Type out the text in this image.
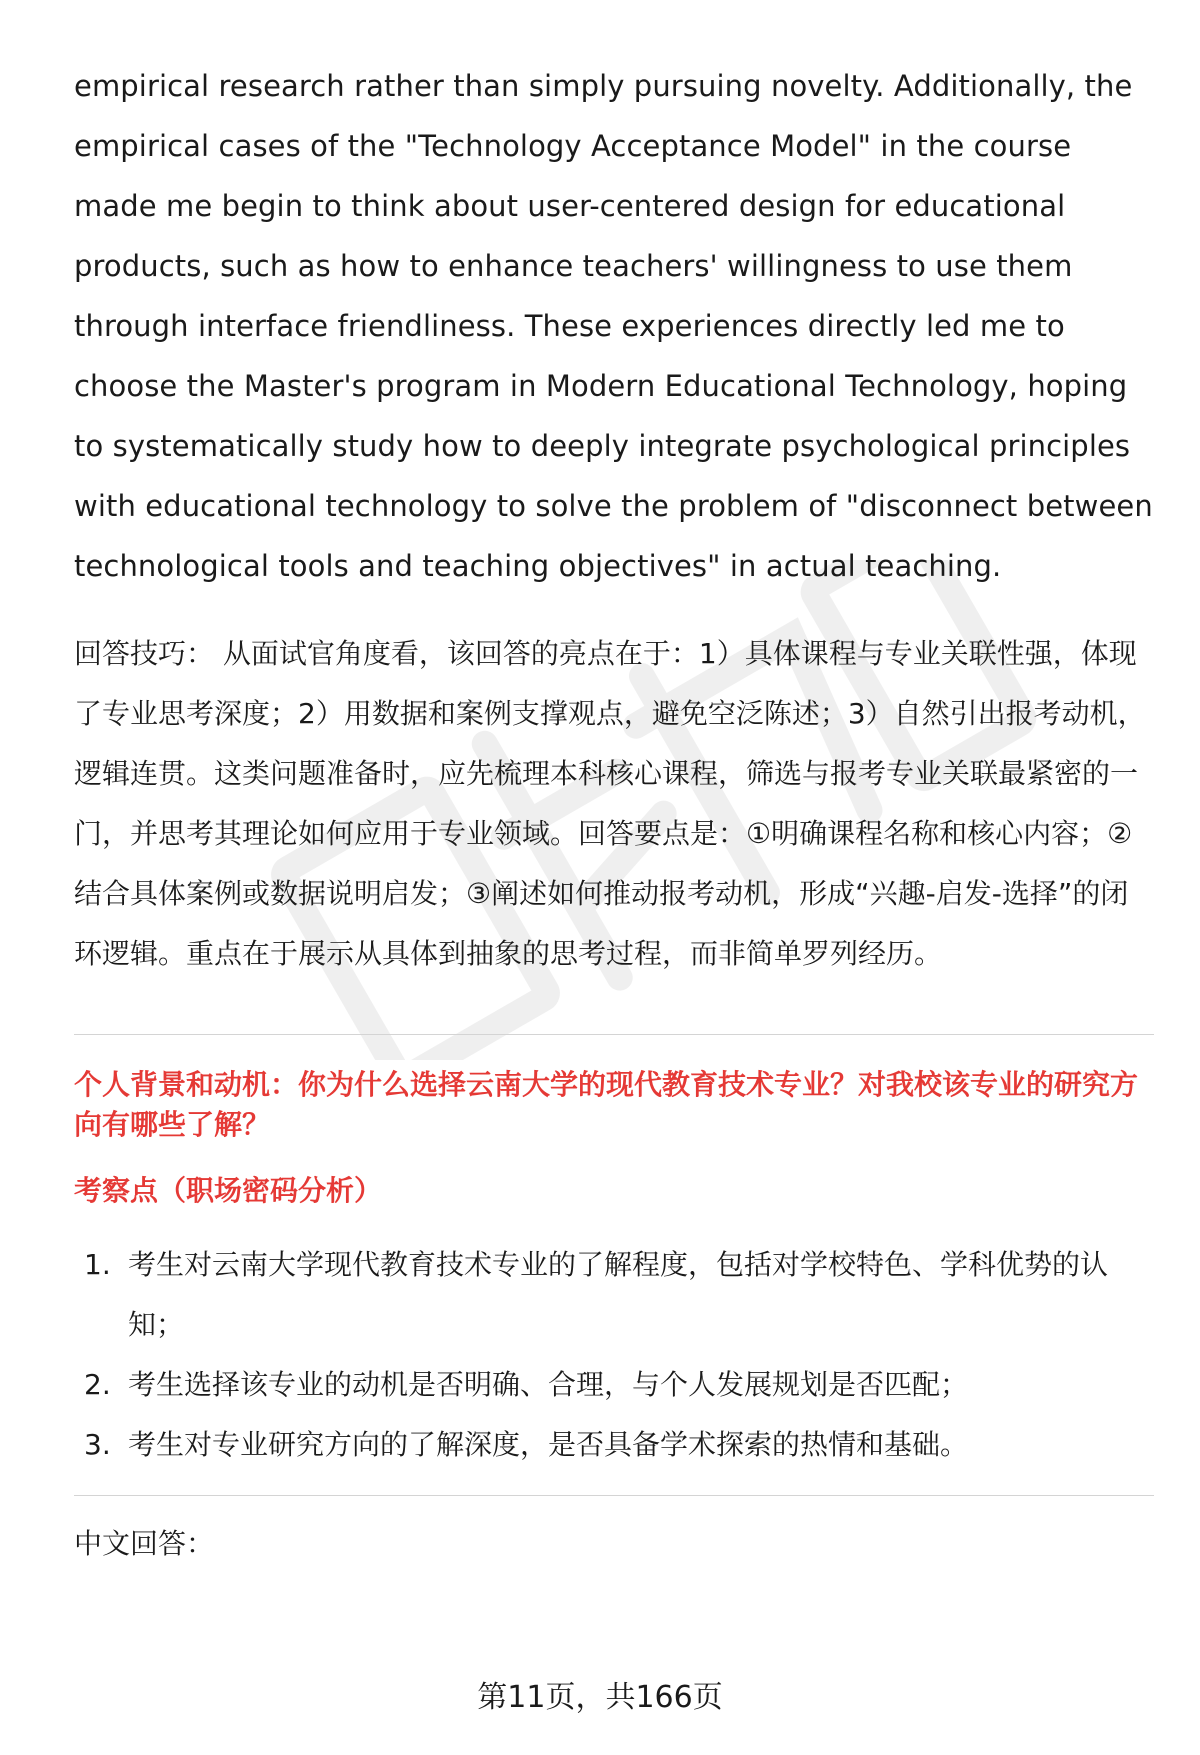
empirical research rather than simply pursuing novelty. Additionally, the empirical cases of the "Technology Acceptance Model" in the course made me begin to think about user-centered design for educational products, such as how to enhance teachers' willingness to use them through interface friendliness. These experiences directly led me to choose the Master's program in Modern Educational Technology, hoping to systematically study how to deeply integrate psychological principles with educational technology to solve the problem of "disconnect between technological tools and teaching objectives" in actual teaching.

回答技巧： 从面试官角度看，该回答的亮点在于：1）具体课程与专业关联性强，体现了专业思考深度；2）用数据和案例支撑观点，避免空泛陈述；3）自然引出报考动机，逻辑连贯。这类问题准备时，应先梳理本科核心课程，筛选与报考专业关联最紧密的一门，并思考其理论如何应用于专业领域。回答要点是：①明确课程名称和核心内容；②结合具体案例或数据说明启发；③阐述如何推动报考动机，形成“兴趣-启发-选择”的闭环逻辑。重点在于展示从具体到抽象的思考过程，而非简单罗列经历。

个人背景和动机：你为什么选择云南大学的现代教育技术专业？对我校该专业的研究方向有哪些了解？
考察点（职场密码分析）
1. 考生对云南大学现代教育技术专业的了解程度，包括对学校特色、学科优势的认知；
2. 考生选择该专业的动机是否明确、合理，与个人发展规划是否匹配；
3. 考生对专业研究方向的了解深度，是否具备学术探索的热情和基础。

中文回答：

第11页，共166页
